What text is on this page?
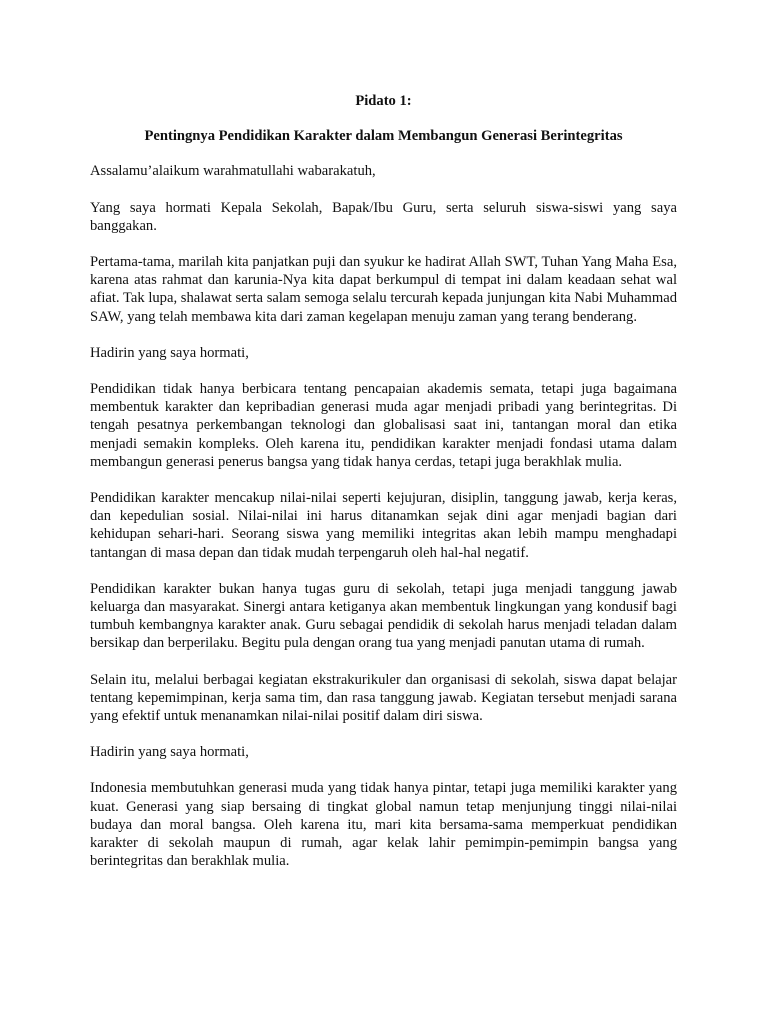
Pidato 1:

Pentingnya Pendidikan Karakter dalam Membangun Generasi Berintegritas

Assalamu’alaikum warahmatullahi wabarakatuh,

Yang saya hormati Kepala Sekolah, Bapak/Ibu Guru, serta seluruh siswa-siswi yang saya banggakan.

Pertama-tama, marilah kita panjatkan puji dan syukur ke hadirat Allah SWT, Tuhan Yang Maha Esa, karena atas rahmat dan karunia-Nya kita dapat berkumpul di tempat ini dalam keadaan sehat wal afiat. Tak lupa, shalawat serta salam semoga selalu tercurah kepada junjungan kita Nabi Muhammad SAW, yang telah membawa kita dari zaman kegelapan menuju zaman yang terang benderang.

Hadirin yang saya hormati,

Pendidikan tidak hanya berbicara tentang pencapaian akademis semata, tetapi juga bagaimana membentuk karakter dan kepribadian generasi muda agar menjadi pribadi yang berintegritas. Di tengah pesatnya perkembangan teknologi dan globalisasi saat ini, tantangan moral dan etika menjadi semakin kompleks. Oleh karena itu, pendidikan karakter menjadi fondasi utama dalam membangun generasi penerus bangsa yang tidak hanya cerdas, tetapi juga berakhlak mulia.

Pendidikan karakter mencakup nilai-nilai seperti kejujuran, disiplin, tanggung jawab, kerja keras, dan kepedulian sosial. Nilai-nilai ini harus ditanamkan sejak dini agar menjadi bagian dari kehidupan sehari-hari. Seorang siswa yang memiliki integritas akan lebih mampu menghadapi tantangan di masa depan dan tidak mudah terpengaruh oleh hal-hal negatif.

Pendidikan karakter bukan hanya tugas guru di sekolah, tetapi juga menjadi tanggung jawab keluarga dan masyarakat. Sinergi antara ketiganya akan membentuk lingkungan yang kondusif bagi tumbuh kembangnya karakter anak. Guru sebagai pendidik di sekolah harus menjadi teladan dalam bersikap dan berperilaku. Begitu pula dengan orang tua yang menjadi panutan utama di rumah.

Selain itu, melalui berbagai kegiatan ekstrakurikuler dan organisasi di sekolah, siswa dapat belajar tentang kepemimpinan, kerja sama tim, dan rasa tanggung jawab. Kegiatan tersebut menjadi sarana yang efektif untuk menanamkan nilai-nilai positif dalam diri siswa.

Hadirin yang saya hormati,

Indonesia membutuhkan generasi muda yang tidak hanya pintar, tetapi juga memiliki karakter yang kuat. Generasi yang siap bersaing di tingkat global namun tetap menjunjung tinggi nilai-nilai budaya dan moral bangsa. Oleh karena itu, mari kita bersama-sama memperkuat pendidikan karakter di sekolah maupun di rumah, agar kelak lahir pemimpin-pemimpin bangsa yang berintegritas dan berakhlak mulia.
